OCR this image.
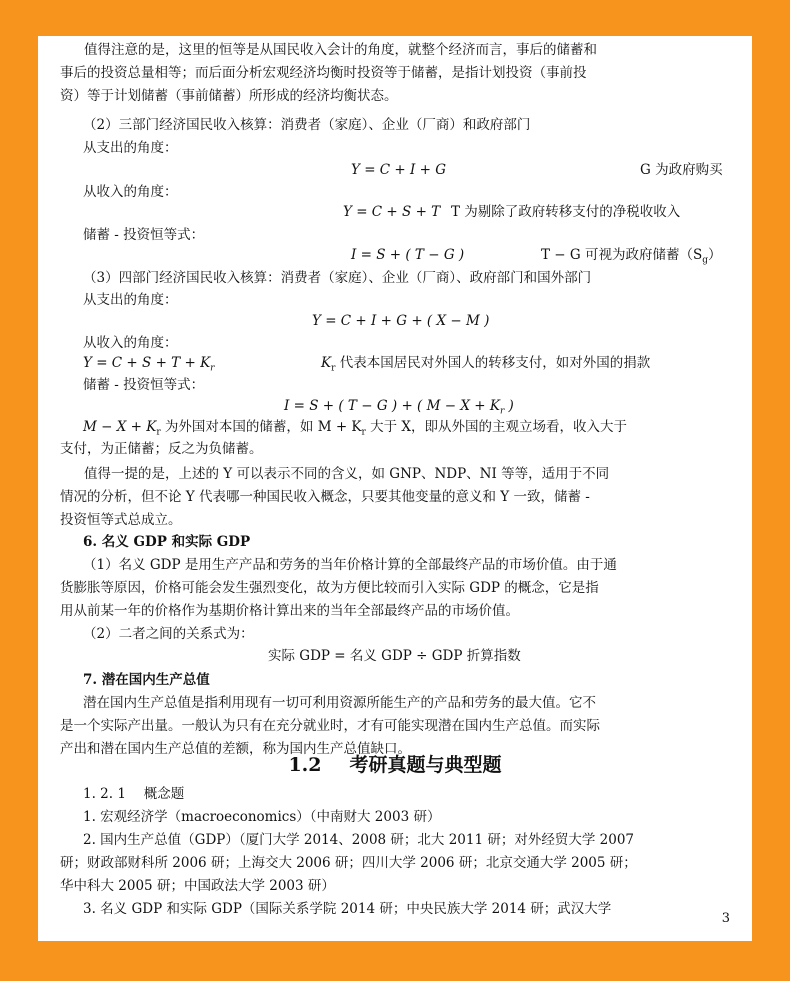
值得注意的是，这里的恒等是从国民收入会计的角度，就整个经济而言，事后的储蓄和
事后的投资总量相等；而后面分析宏观经济均衡时投资等于储蓄，是指计划投资（事前投
资）等于计划储蓄（事前储蓄）所形成的经济均衡状态。
（2）三部门经济国民收入核算：消费者（家庭）、企业（厂商）和政府部门
从支出的角度：
Y = C + I + G	G 为政府购买
从收入的角度：
Y = C + S + T T 为剔除了政府转移支付的净税收收入
储蓄 - 投资恒等式：
I = S + ( T − G )	T − G 可视为政府储蓄$(S_g)$
（3）四部门经济国民收入核算：消费者（家庭）、企业（厂商）、政府部门和国外部门
从支出的角度：
Y = C + I + G + ( X − M )
从收入的角度：
$Y = C + S + T + K_r$	$K_r$ 代表本国居民对外国人的转移支付，如对外国的捐款
储蓄 - 投资恒等式：
I = S + ( T − G ) + ( $M - X + K_r$ )
$M - X + K_r$ 为外国对本国的储蓄，如 $M + K_r$ 大于 X，即从外国的主观立场看，收入大于
支付，为正储蓄；反之为负储蓄。
值得一提的是，上述的 Y 可以表示不同的含义，如 GNP、NDP、NI 等等，适用于不同
情况的分析，但不论 Y 代表哪一种国民收入概念，只要其他变量的意义和 Y 一致，储蓄 -
投资恒等式总成立。
6. 名义 GDP 和实际 GDP
（1）名义 GDP 是用生产产品和劳务的当年价格计算的全部最终产品的市场价值。由于通
货膨胀等原因，价格可能会发生强烈变化，故为方便比较而引入实际 GDP 的概念，它是指
用从前某一年的价格作为基期价格计算出来的当年全部最终产品的市场价值。
（2）二者之间的关系式为：
实际 GDP = 名义 GDP ÷ GDP 折算指数
7. 潜在国内生产总值
潜在国内生产总值是指利用现有一切可利用资源所能生产的产品和劳务的最大值。它不
是一个实际产出量。一般认为只有在充分就业时，才有可能实现潜在国内生产总值。而实际
产出和潜在国内生产总值的差额，称为国内生产总值缺口。
1.2 考研真题与典型题
1. 2. 1　 概念题
1. 宏观经济学（macroeconomics）（中南财大 2003 研）
2. 国内生产总值（GDP）（厦门大学 2014、2008 研；北大 2011 研；对外经贸大学 2007
研；财政部财科所 2006 研；上海交大 2006 研；四川大学 2006 研；北京交通大学 2005 研；
华中科大 2005 研；中国政法大学 2003 研）
3. 名义 GDP 和实际 GDP（国际关系学院 2014 研；中央民族大学 2014 研；武汉大学
3
